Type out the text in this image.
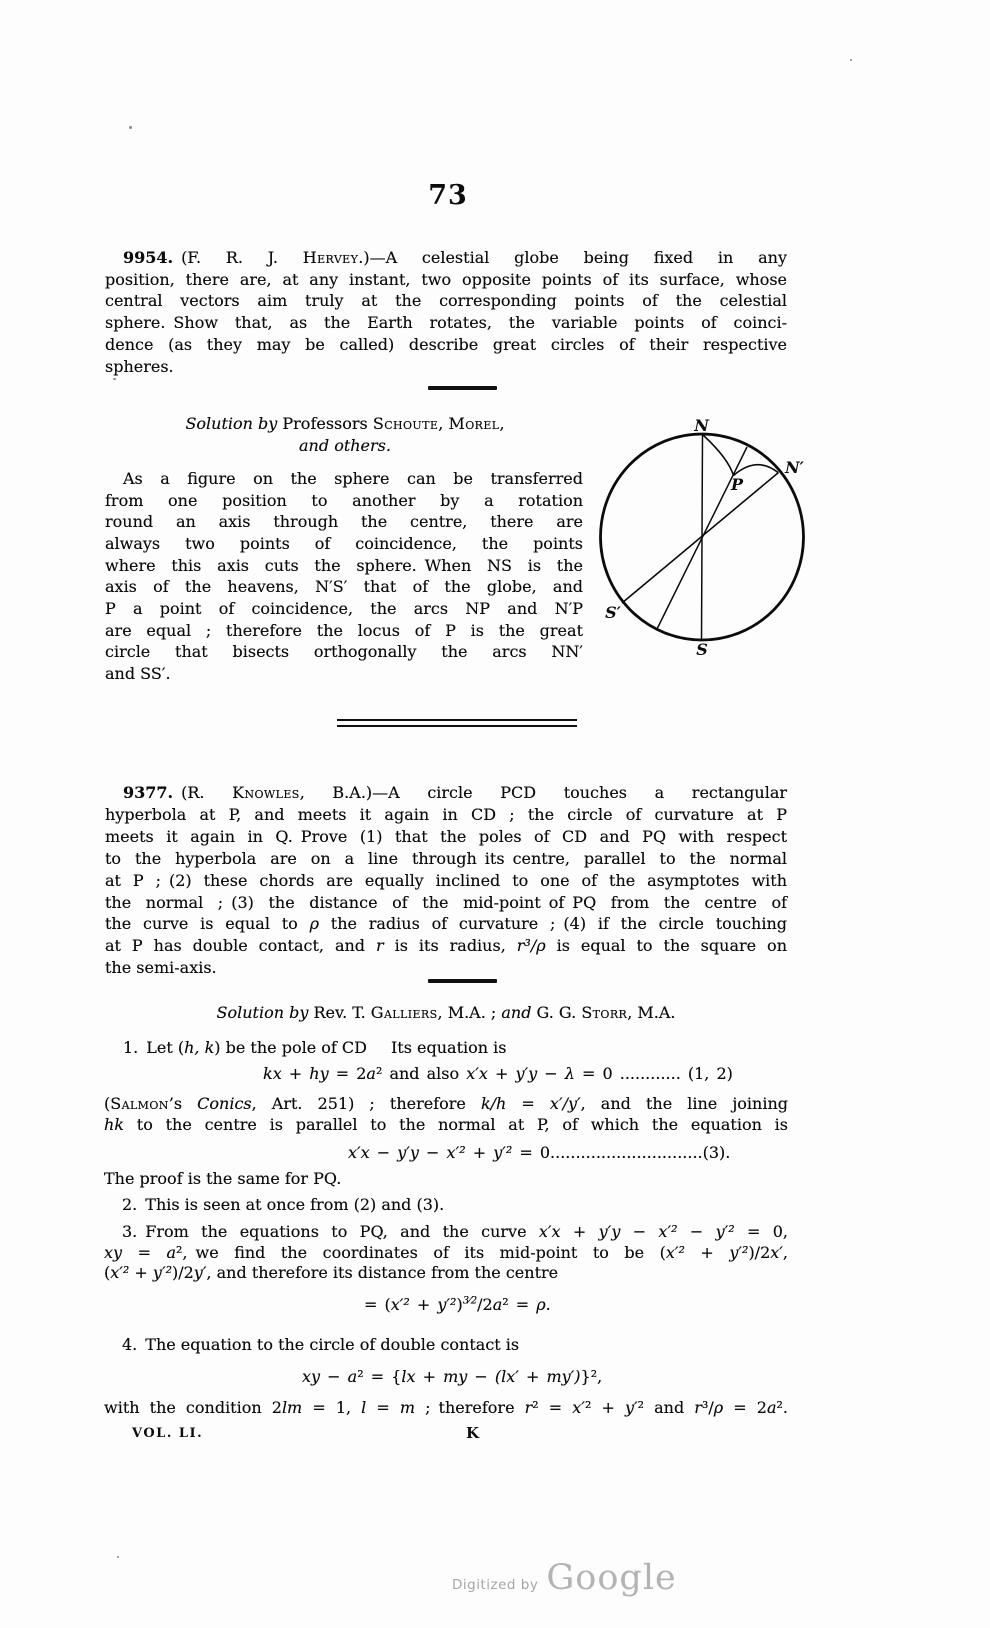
73
9954. (F. R. J. Hervey.)—A celestial globe being fixed in any
position, there are, at any instant, two opposite points of its surface, whose
central vectors aim truly at the corresponding points of the celestial
sphere. Show that, as the Earth rotates, the variable points of coinci-
dence (as they may be called) describe great circles of their respective
spheres.
Solution by Professors Schoute, Morel,
and others.
As a figure on the sphere can be transferred
from one position to another by a rotation
round an axis through the centre, there are
always two points of coincidence, the points
where this axis cuts the sphere. When NS is the
axis of the heavens, N′S′ that of the globe, and
P a point of coincidence, the arcs NP and N′P
are equal ; therefore the locus of P is the great
circle that bisects orthogonally the arcs NN′
and SS′.
N
N′
P
S′
S
9377. (R. Knowles, B.A.)—A circle PCD touches a rectangular
hyperbola at P, and meets it again in CD ; the circle of curvature at P
meets it again in Q. Prove (1) that the poles of CD and PQ with respect
to the hyperbola are on a line through its centre, parallel to the normal
at P ; (2) these chords are equally inclined to one of the asymptotes with
the normal ; (3) the distance of the mid-point of PQ from the centre of
the curve is equal to ρ the radius of curvature ; (4) if the circle touching
at P has double contact, and r is its radius, r³/ρ is equal to the square on
the semi-axis.
Solution by Rev. T. Galliers, M.A. ; and G. G. Storr, M.A.
1. Let (h, k) be the pole of CD  Its equation is
kx + hy = 2a² and also x′x + y′y − λ = 0 ............ (1, 2)
(Salmon’s Conics, Art. 251) ; therefore k/h = x′/y′, and the line joining
hk to the centre is parallel to the normal at P, of which the equation is
x′x − y′y − x′² + y′² = 0..............................(3).
The proof is the same for PQ.
2. This is seen at once from (2) and (3).
3. From the equations to PQ, and the curve x′x + y′y − x′² − y′² = 0,
xy = a², we find the coordinates of its mid-point to be (x′² + y′²)/2x′,
(x′² + y′²)/2y′, and therefore its distance from the centre
= $(x'^2 + y'^2)^{3⁄2}/2a^2 = \rho$.
4. The equation to the circle of double contact is
xy − a² = {lx + my − (lx′ + my′)}²,
with the condition 2lm = 1, l = m ; therefore r² = x′² + y′² and r³/ρ = 2a².
VOL. LI.	K
Digitized by Google
